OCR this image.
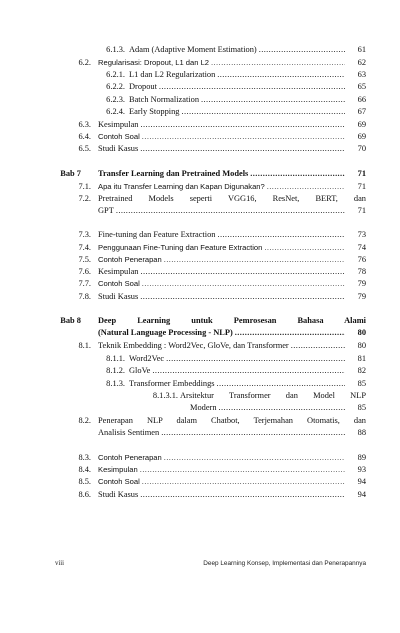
6.1.3. Adam (Adaptive Moment Estimation) .....	61
6.2. Regularisasi: Dropout, L1 dan L2 .....	62
6.2.1. L1 dan L2 Regularization .....	63
6.2.2. Dropout .....	65
6.2.3. Batch Normalization .....	66
6.2.4. Early Stopping .....	67
6.3. Kesimpulan .....	69
6.4. Contoh Soal .....	69
6.5. Studi Kasus .....	70
Bab 7 Transfer Learning dan Pretrained Models .....	71
7.1. Apa itu Transfer Learning dan Kapan Digunakan? .....	71
7.2. Pretrained Models seperti VGG16, ResNet, BERT, dan
GPT .....	71
7.3. Fine-tuning dan Feature Extraction .....	73
7.4. Penggunaan Fine-Tuning dan Feature Extraction .....	74
7.5. Contoh Penerapan .....	76
7.6. Kesimpulan .....	78
7.7. Contoh Soal .....	79
7.8. Studi Kasus .....	79
Bab 8 Deep Learning untuk Pemrosesan Bahasa Alami
(Natural Language Processing - NLP) .....	80
8.1. Teknik Embedding : Word2Vec, GloVe, dan Transformer .....	80
8.1.1. Word2Vec .....	81
8.1.2. GloVe .....	82
8.1.3. Transformer Embeddings .....	85
8.1.3.1. Arsitektur Transformer dan Model NLP
Modern .....	85
8.2. Penerapan NLP dalam Chatbot, Terjemahan Otomatis, dan
Analisis Sentimen .....	88
8.3. Contoh Penerapan .....	89
8.4. Kesimpulan .....	93
8.5. Contoh Soal .....	94
8.6. Studi Kasus .....	94
viii	Deep Learning Konsep, Implementasi dan Penerapannya
